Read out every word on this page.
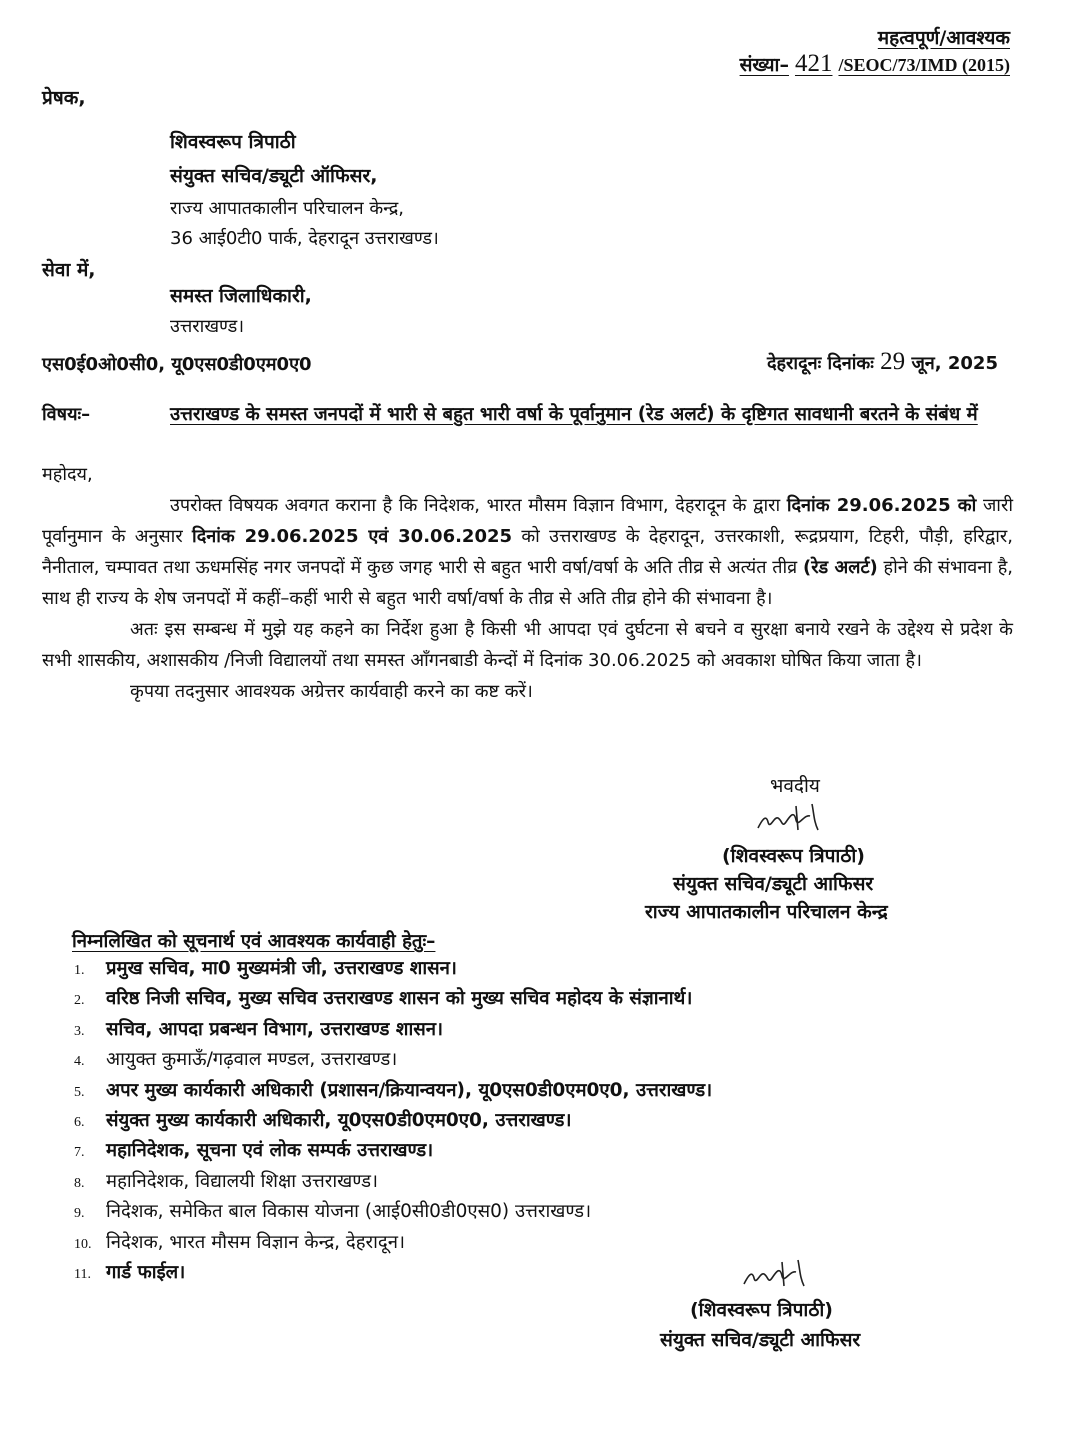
महत्वपूर्ण/आवश्यक
संख्या– 421 /SEOC/73/IMD (2015)
प्रेषक,
शिवस्वरूप त्रिपाठी
संयुक्त सचिव/ड्यूटी ऑफिसर,
राज्य आपातकालीन परिचालन केन्द्र,
36 आई0टी0 पार्क, देहरादून उत्तराखण्ड।
सेवा में,
समस्त जिलाधिकारी,
उत्तराखण्ड।
एस0ई0ओ0सी0, यू0एस0डी0एम0ए0	देहरादूनः दिनांकः 29 जून, 2025
विषयः–	उत्तराखण्ड के समस्त जनपदों में भारी से बहुत भारी वर्षा के पूर्वानुमान (रेड अलर्ट) के दृष्टिगत सावधानी बरतने के संबंध में
महोदय,

उपरोक्त विषयक अवगत कराना है कि निदेशक, भारत मौसम विज्ञान विभाग, देहरादून के द्वारा दिनांक 29.06.2025 को जारी पूर्वानुमान के अनुसार दिनांक 29.06.2025 एवं 30.06.2025 को उत्तराखण्ड के देहरादून, उत्तरकाशी, रूद्रप्रयाग, टिहरी, पौड़ी, हरिद्वार, नैनीताल, चम्पावत तथा ऊधमसिंह नगर जनपदों में कुछ जगह भारी से बहुत भारी वर्षा/वर्षा के अति तीव्र से अत्यंत तीव्र (रेड अलर्ट) होने की संभावना है, साथ ही राज्य के शेष जनपदों में कहीं–कहीं भारी से बहुत भारी वर्षा/वर्षा के तीव्र से अति तीव्र होने की संभावना है।

अतः इस सम्बन्ध में मुझे यह कहने का निर्देश हुआ है किसी भी आपदा एवं दुर्घटना से बचने व सुरक्षा बनाये रखने के उद्देश्य से प्रदेश के सभी शासकीय, अशासकीय /निजी विद्यालयों तथा समस्त आँगनबाडी केन्दों में दिनांक 30.06.2025 को अवकाश घोषित किया जाता है।

कृपया तदनुसार आवश्यक अग्रेत्तर कार्यवाही करने का कष्ट करें।

भवदीय
(शिवस्वरूप त्रिपाठी)
संयुक्त सचिव/ड्यूटी आफिसर
राज्य आपातकालीन परिचालन केन्द्र
निम्नलिखित को सूचनार्थ एवं आवश्यक कार्यवाही हेतुः–
1. प्रमुख सचिव, मा0 मुख्यमंत्री जी, उत्तराखण्ड शासन।
2. वरिष्ठ निजी सचिव, मुख्य सचिव उत्तराखण्ड शासन को मुख्य सचिव महोदय के संज्ञानार्थ।
3. सचिव, आपदा प्रबन्धन विभाग, उत्तराखण्ड शासन।
4. आयुक्त कुमाऊँ/गढ़वाल मण्डल, उत्तराखण्ड।
5. अपर मुख्य कार्यकारी अधिकारी (प्रशासन/क्रियान्वयन), यू0एस0डी0एम0ए0, उत्तराखण्ड।
6. संयुक्त मुख्य कार्यकारी अधिकारी, यू0एस0डी0एम0ए0, उत्तराखण्ड।
7. महानिदेशक, सूचना एवं लोक सम्पर्क उत्तराखण्ड।
8. महानिदेशक, विद्यालयी शिक्षा उत्तराखण्ड।
9. निदेशक, समेकित बाल विकास योजना (आई0सी0डी0एस0) उत्तराखण्ड।
10. निदेशक, भारत मौसम विज्ञान केन्द्र, देहरादून।
11. गार्ड फाईल।
(शिवस्वरूप त्रिपाठी)
संयुक्त सचिव/ड्यूटी आफिसर
